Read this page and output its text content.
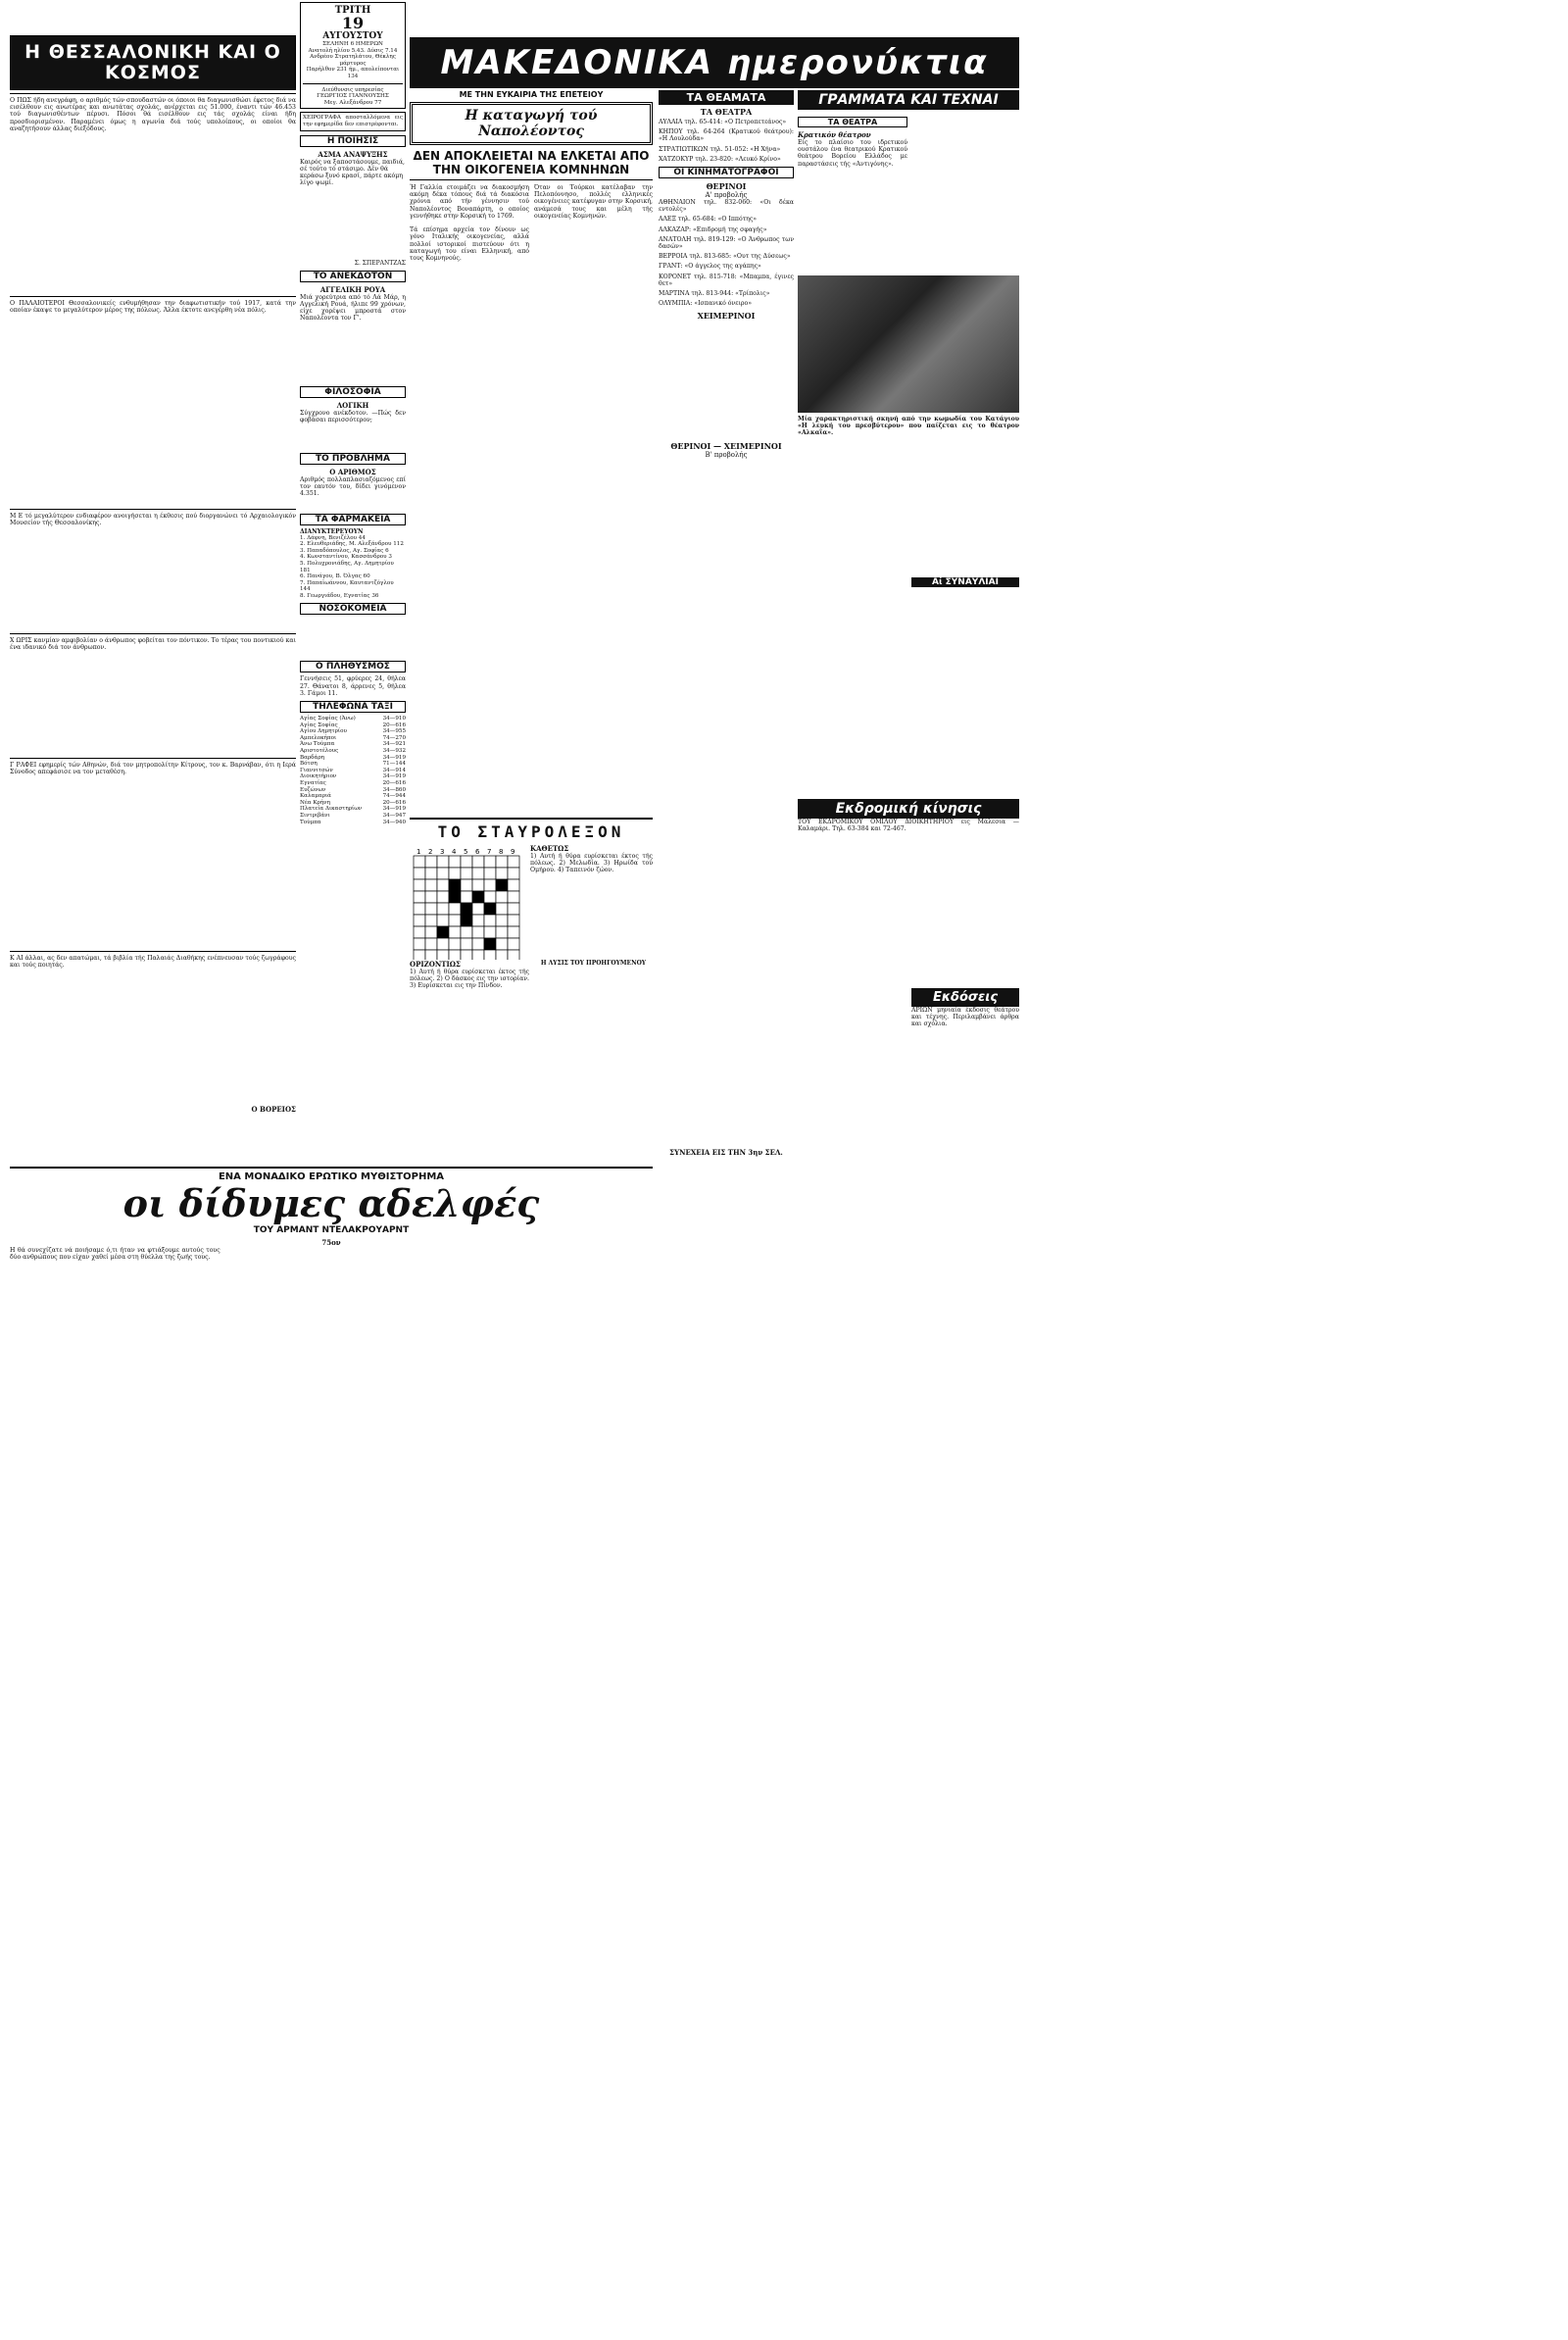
Η ΘΕΣΣΑΛΟΝΙΚΗ ΚΑΙ Ο ΚΟΣΜΟΣ
Ο ΠΩΣ ήδη ανεγράφη, ο αριθμός τών σπουδαστών οι όποιοι θα διαγωνισθώσι έφετος διά να εισέλθουν εις ανωτέρας και ανωτάτας σχολάς, ανέρχεται εις 51.000, έναντι τών 46.453 τού διαγωνισθέντων πέρυσι. Πόσοι θά εισέλθουν εις τάς σχολάς είναι ήδη προσδιορισμένον. Παραμένει όμως η αγωνία διά τούς υπολοίπους, οι οποίοι θα αναζητήσουν άλλας διεξόδους.
Ο ΠΑΛΑΙΟΤΕΡΟΙ Θεσσαλονικείς ενθυμήθησαν την διαφωτιστικήν τού 1917, κατά την οποίαν έκαψε το μεγαλύτερον μέρος της πόλεως. Άλλα έκτοτε ανεγέρθη νέα πόλις.
Μ Ε τό μεγαλύτερον ενδιαφέρον ανοιγήσεται η έκθεσις πού διοργανώνει τό Αρχαιολογικόν Μουσείον τής Θεσσαλονίκης.
Χ ΩΡΙΣ κανμίαν αμφιβολίαν ο άνθρωπος φοβείται τον πόντικον. Το τέρας του ποντικιού και ένα ιδανικό διά τον άνθρωπον.
Γ ΡΑΦΕΙ εφημερίς τών Αθηνών, διά τον μητροπολίτην Κίτρους, τον κ. Βαρνάβαν, ότι η Ιερά Σύνοδος απεφάσισε να τον μεταθέση.
Κ ΑΙ άλλαι, ας δεν απατώμαι, τά βιβλία τής Παλαιάς Διαθήκης ενέπνευσαν τούς ζωγράφους και τούς ποιητάς.
Ο ΒΟΡΕΙΟΣ
ΤΡΙΤΗ
19
ΑΥΓΟΥΣΤΟΥ
ΣΕΛΗΝΗ 6 ΗΜΕΡΩΝ
Ανατολή ηλίου 5.43. Δύσις 7.14
Ανδρέου Στρατηλάτου, Θέκλης μάρτυρος
Παρήλθον 231 ήμ., απολείπονται 134
Διεύθυνσις υπηρεσίας
ΓΕΩΡΓΙΟΣ ΓΙΑΝΝΟΥΣΗΣ
Μεγ. Αλεξάνδρου 77
ΧΕΙΡΟΓΡΑΦΑ αποσταλλόμενα εις την εφημερίδα δεν επιστρέφονται.
Η ΠΟΙΗΣΙΣ
ΑΣΜΑ ΑΝΑΨΥΞΗΣ
Καιρός να ξαποστάσουμε, παιδιά, σέ τούτο τό στάσιμο. Δέν θά κεράσω ξυνό κρασί, πάρτε ακόμη λίγο ψωμί.
Σ. ΣΠΕΡΑΝΤΖΑΣ
ΤΟ ΑΝΕΚΔΟΤΟΝ
ΑΓΓΕΛΙΚΗ ΡΟΥΑ
Μιά χορεύτρια από τό Λά Μάρ, η Αγγελική Ρουά, ήλιπε 99 χρόνων, είχε χορέψει μπροστά στον Ναπολέοντα τον Γ'.
ΦΙΛΟΣΟΦΙΑ
ΛΟΓΙΚΗ
Σύγχρονο ανέκδοτον. —Πώς δεν φοβάσαι περισσότερον;
ΤΟ ΠΡΟΒΛΗΜΑ
Ο ΑΡΙΘΜΟΣ
Αριθμός πολλαπλασιαζόμενος επί τον εαυτόν του, δίδει γινόμενον 4.351.
ΤΑ ΦΑΡΜΑΚΕΙΑ
ΔΙΑΝΥΚΤΕΡΕΥΟΥΝ
1. Δάφνη, Βενιζέλου 44
2. Ελευθεριάδης, Μ. Αλεξάνδρου 112
3. Παπαδόπουλος, Αγ. Σοφίας 6
4. Κωνσταντίνου, Κασσάνδρου 3
5. Πολυχρονιάδης, Αγ. Δημητρίου 181
6. Πανάγου, Β. Όλγας 60
7. Παπαϊωάννου, Καυταντζόγλου 144
8. Γεωργιάδου, Εγνατίας 36
ΝΟΣΟΚΟΜΕΙΑ
Ο ΠΛΗΘΥΣΜΟΣ
Γεννήσεις 51, φρύερες 24, θήλεα 27. Θάνατοι 8, άρρενες 5, θήλεα 3. Γάμοι 11.
ΤΗΛΕΦΩΝΑ ΤΑΞΙ
Αγίας Σοφίας (Άνω)	34—910
Αγίας Σοφίας	20—616
Αγίου Δημητρίου	34—955
Αμπελοκήποι	74—270
Άνω Τούμπα	34—921
Αριστοτέλους	34—932
Βαρδάρη	34—919
Βότση	71—144
Γιαννιτσών	34—914
Διοικητήριον	34—919
Εγνατίας	20—616
Ευζώνων	34—860
Καλαμαριά	74—944
Νέα Κρήνη	20—616
Πλατεία Δικαστηρίων	34—919
Σιντριβάνι	34—947
Τούμπα	34—940
ΜΑΚΕΔΟΝΙΚΑ ημερονύκτια
ΜΕ ΤΗΝ ΕΥΚΑΙΡΙΑ ΤΗΣ ΕΠΕΤΕΙΟΥ
Η καταγωγή τού Ναπολέοντος
ΔΕΝ ΑΠΟΚΛΕΙΕΤΑΙ ΝΑ ΕΛΚΕΤΑΙ ΑΠΟ ΤΗΝ ΟΙΚΟΓΕΝΕΙΑ ΚΟΜΝΗΝΩΝ
Ή Γαλλία ετοιμάζει να διακοσμήση ακόμη δέκα τόπους διά τά διακόσια χρόνια από τήν γέννησιν τού Ναπολέοντος Βοναπάρτη, ο οποίος γεννήθηκε στην Κορσική το 1769.

Τά επίσημα αρχεία τον δίνουν ως γόνο Ιταλικής οικογενείας, αλλά πολλοί ιστορικοί πιστεύουν ότι η καταγωγή του είναι Ελληνική, από τους Κομνηνούς.
Όταν οι Τούρκοι κατέλαβαν την Πελοπόννησο, πολλές ελληνικές οικογένειες κατέφυγαν στην Κορσική, ανάμεσά τους και μέλη τής οικογενείας Κομνηνών.
ΤΟ ΣΤΑΥΡΟΛΕΞΟΝ
1 2 3 4 5 6 7 8 9 ΚΑΘΕΤΩΣ
1) Αυτή ή θύρα ευρίσκεται έκτος τής πόλεως. 2) Μελωδία. 3) Ηρωίδα τού Ομήρου. 4) Ταπεινόν ζώον.
ΟΡΙΖΟΝΤΙΩΣ
1) Αυτή ή θύρα ευρίσκεται έκτος τής πόλεως. 2) Ο δάσκος εις την ιστορίαν. 3) Ευρίσκεται εις την Πίνδον.
Η ΛΥΣΙΣ ΤΟΥ ΠΡΟΗΓΟΥΜΕΝΟΥ
ΕΝΑ ΜΟΝΑΔΙΚΟ ΕΡΩΤΙΚΟ ΜΥΘΙΣΤΟΡΗΜΑ
οι δίδυμες αδελφές
ΤΟΥ ΑΡΜΑΝΤ ΝΤΕΛΑΚΡΟΥΑΡΝΤ
75ον
Η θά συνεχίζατε νά ποιήσαμε ό,τι ήταν να φτιάξουμε αυτούς τους δύο ανθρώπους που είχαν χαθεί μέσα στη θύελλα της ζωής τους.
ΤΑ ΘΕΑΜΑΤΑ
ΤΑ ΘΕΑΤΡΑ
ΑΥΛΑΙΑ τηλ. 65-414: «Ο Πετροπετεάνος»
ΚΗΠΟΥ τηλ. 64-264 (Κρατικού θεάτρου): «Η Λουλούδα»
ΣΤΡΑΤΙΩΤΙΚΩΝ τηλ. 51-052: «Η Χήνα»
ΧΑΤΖΟΚΥΡ τηλ. 23-820: «Λευκό Κρίνο»
ΟΙ ΚΙΝΗΜΑΤΟΓΡΑΦΟΙ
ΘΕΡΙΝΟΙ
Α' προβολής
ΑΘΗΝΑΙΟΝ τηλ. 832-060: «Οι δέκα εντολές»
ΑΛΕΞ τηλ. 65-684: «Ο Ιππότης»
ΑΛΚΑΖΑΡ: «Επιδρομή της σφαγής»
ΑΝΑΤΟΛΗ τηλ. 819-129: «Ο Άνθρωπος των δασών»
ΒΕΡΡΟΙΑ τηλ. 813-685: «Ουτ της Δύσεως»
ΓΡΑΝΤ: «Ο άγγελος της αγάπης»
ΚΟΡΟΝΕΤ τηλ. 815-718: «Μπαμπα, έγινες θετ»
ΜΑΡΤΙΝΑ τηλ. 813-944: «Τρίπολις»
ΟΛΥΜΠΙΑ: «Ισπανικό όνειρο»
ΧΕΙΜΕΡΙΝΟΙ
ΘΕΡΙΝΟΙ — ΧΕΙΜΕΡΙΝΟΙ
Β' προβολής
ΣΥΝΕΧΕΙΑ ΕΙΣ ΤΗΝ 3ην ΣΕΛ.
ΓΡΑΜΜΑΤΑ ΚΑΙ ΤΕΧΝΑΙ
ΤΑ ΘΕΑΤΡΑ
Κρατικόν θέατρον
Είς το πλαίσιο του ιδρετικού ουστάλου ένα θεατρικού Κρατικού θεάτρου Βορείου Ελλάδος με παραστάσεις τής «Αντιγόνης».
Μία χαρακτηριστική σκηνή από την κωμωδία του Κατάγιου «Η λευκή του πρεσβύτερου» που παίζεται εις το θέατρον «Αλκαΐα».
Αί ΣΥΝΑΥΛΙΑΙ
Εκδρομική κίνησις
ΤΟΥ ΕΚΔΡΟΜΙΚΟΥ ΟΜΙΛΟΥ ΔΙΟΙΚΗΤΗΡΙΟΥ εις Μάλεσια — Καλαμάρι. Τηλ. 63-384 και 72-467.
Εκδόσεις
ΑΡΙΩΝ μηνιαία έκδοσις θεάτρου και τέχνης. Περιλαμβάνει άρθρα και σχόλια.
